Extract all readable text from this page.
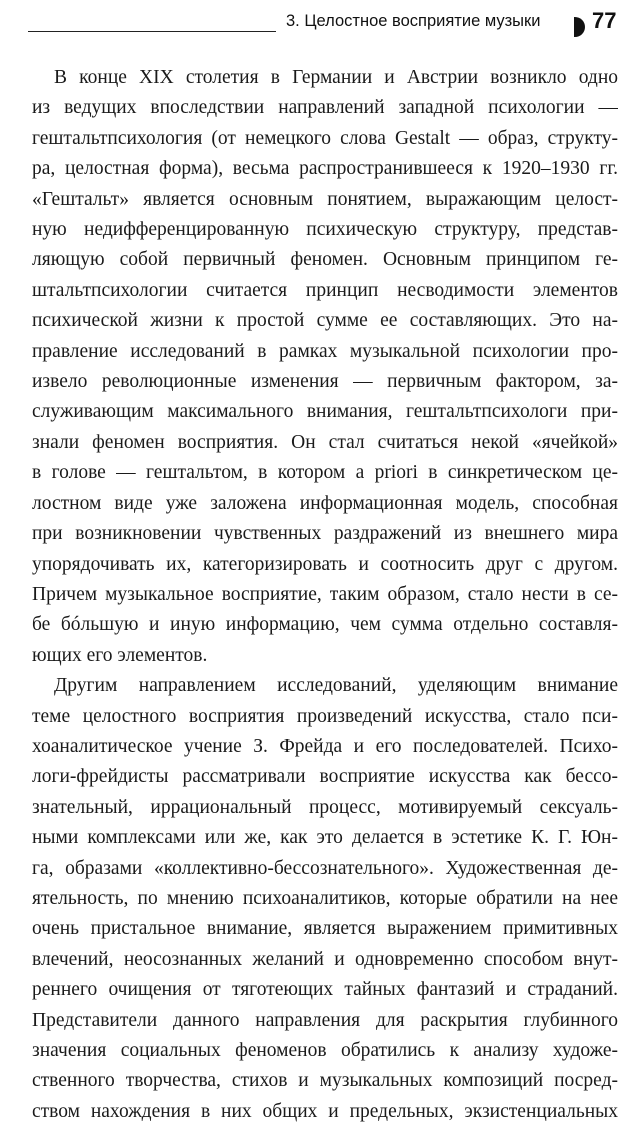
3. Целостное восприятие музыки 77

В конце XIX столетия в Германии и Австрии возникло одно
из ведущих впоследствии направлений западной психологии —
гештальтпсихология (от немецкого слова Gestalt — образ, структу-
ра, целостная форма), весьма распространившееся к 1920–1930 гг.
«Гештальт» является основным понятием, выражающим целост-
ную недифференцированную психическую структуру, представ-
ляющую собой первичный феномен. Основным принципом ге-
штальтпсихологии считается принцип несводимости элементов
психической жизни к простой сумме ее составляющих. Это на-
правление исследований в рамках музыкальной психологии про-
извело революционные изменения — первичным фактором, за-
служивающим максимального внимания, гештальтпсихологи при-
знали феномен восприятия. Он стал считаться некой «ячейкой»
в голове — гештальтом, в котором a priori в синкретическом це-
лостном виде уже заложена информационная модель, способная
при возникновении чувственных раздражений из внешнего мира
упорядочивать их, категоризировать и соотносить друг с другом.
Причем музыкальное восприятие, таким образом, стало нести в се-
бе бóльшую и иную информацию, чем сумма отдельно составля-
ющих его элементов.

Другим направлением исследований, уделяющим внимание
теме целостного восприятия произведений искусства, стало пси-
хоаналитическое учение З. Фрейда и его последователей. Психо-
логи-фрейдисты рассматривали восприятие искусства как бессо-
знательный, иррациональный процесс, мотивируемый сексуаль-
ными комплексами или же, как это делается в эстетике К. Г. Юн-
га, образами «коллективно-бессознательного». Художественная де-
ятельность, по мнению психоаналитиков, которые обратили на нее
очень пристальное внимание, является выражением примитивных
влечений, неосознанных желаний и одновременно способом внут-
реннего очищения от тяготеющих тайных фантазий и страданий.
Представители данного направления для раскрытия глубинного
значения социальных феноменов обратились к анализу художе-
ственного творчества, стихов и музыкальных композиций посред-
ством нахождения в них общих и предельных, экзистенциальных
